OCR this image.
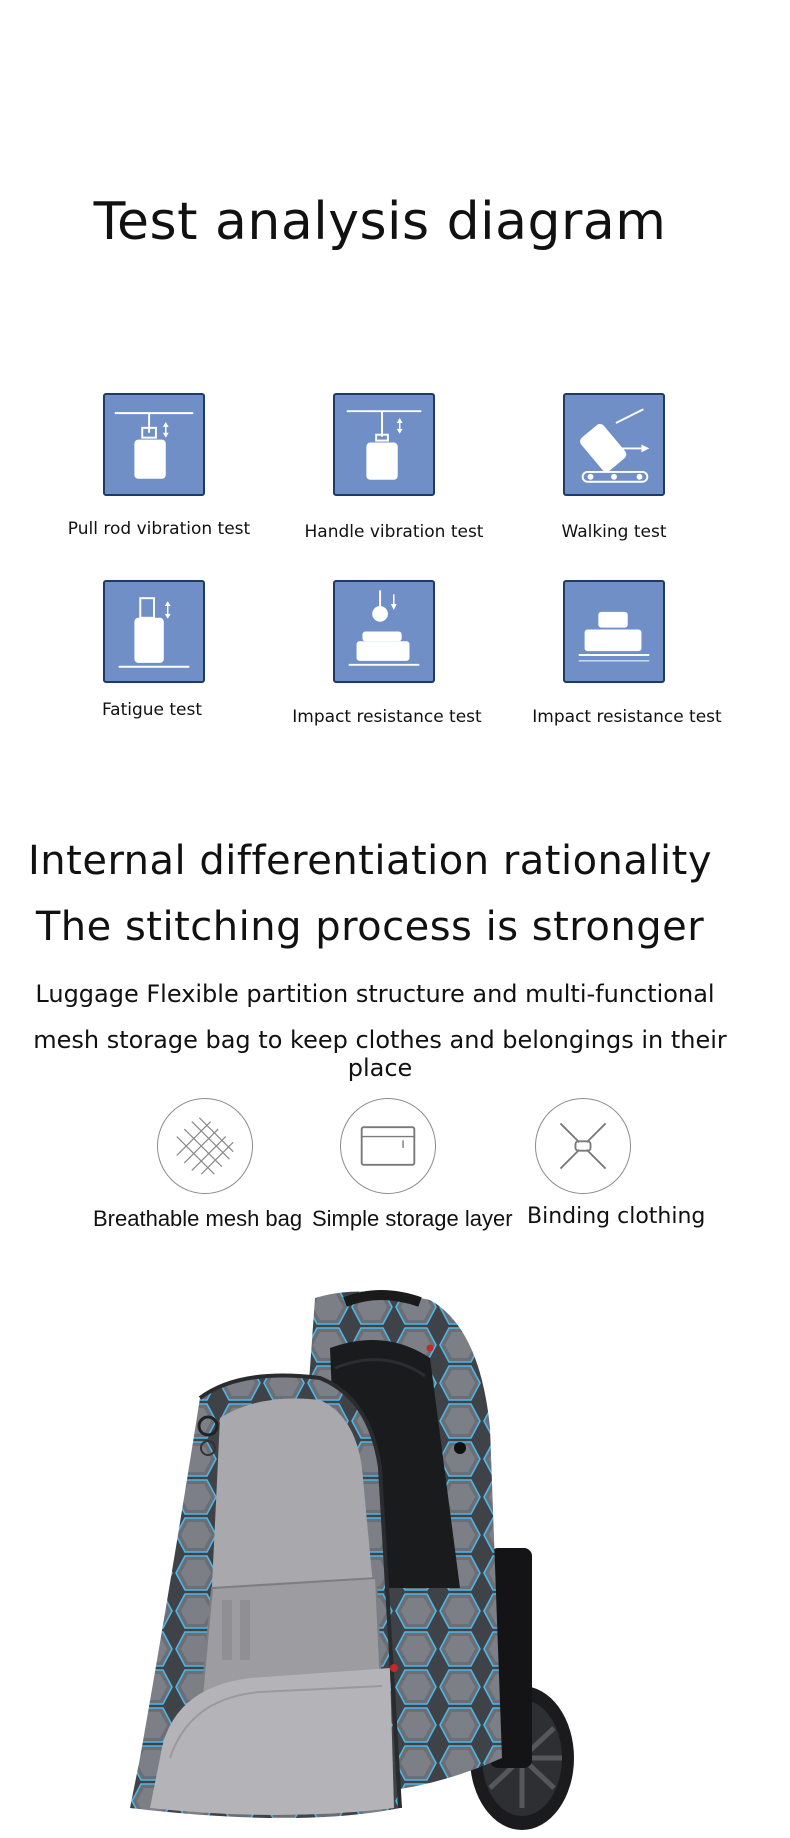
Test analysis diagram
Pull rod vibration test	Handle vibration test	Walking test
Fatigue test	Impact resistance test	Impact resistance test
Internal differentiation rationality
The stitching process is stronger
Luggage Flexible partition structure and multi-functional
mesh storage bag to keep clothes and belongings in their place
Breathable mesh bag Simple storage layer Binding clothing
